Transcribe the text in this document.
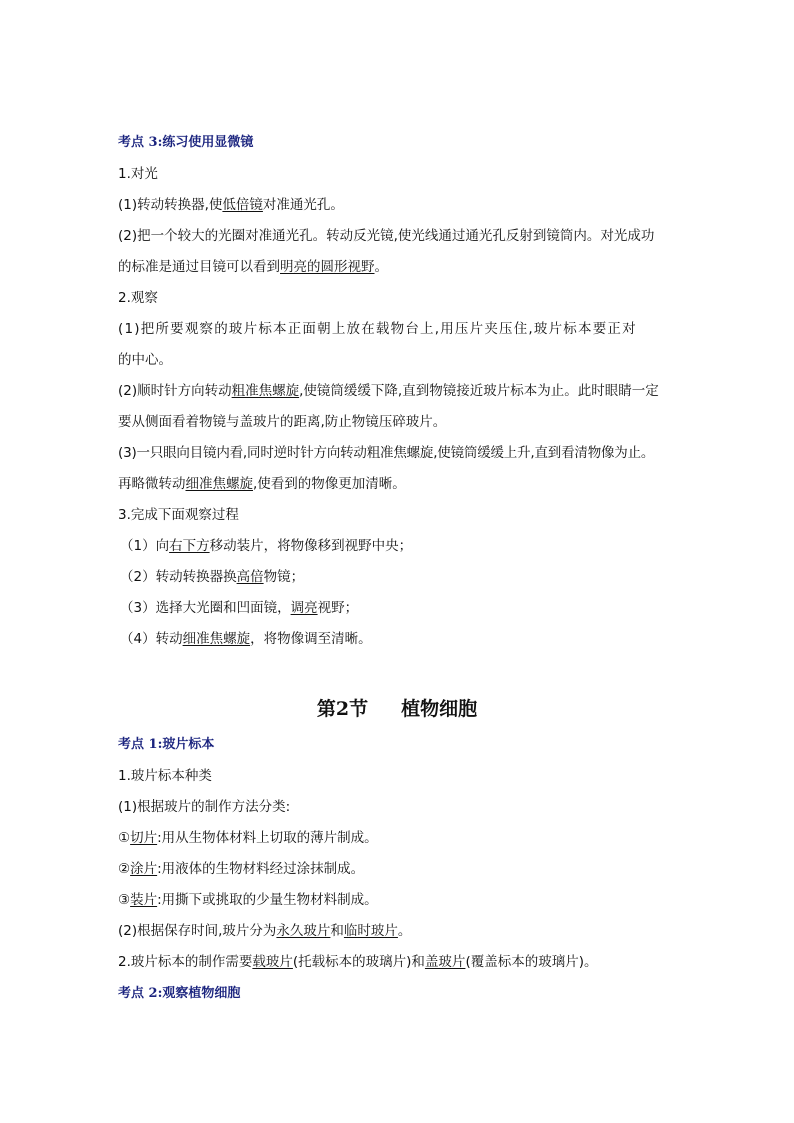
考点 3:练习使用显微镜
1.对光
(1)转动转换器,使低倍镜对准通光孔。
(2)把一个较大的光圈对准通光孔。转动反光镜,使光线通过通光孔反射到镜筒内。对光成功
的标准是通过目镜可以看到明亮的圆形视野。
2.观察
(1)把所要观察的玻片标本正面朝上放在载物台上,用压片夹压住,玻片标本要正对
的中心。
(2)顺时针方向转动粗准焦螺旋,使镜筒缓缓下降,直到物镜接近玻片标本为止。此时眼睛一定
要从侧面看着物镜与盖玻片的距离,防止物镜压碎玻片。
(3)一只眼向目镜内看,同时逆时针方向转动粗准焦螺旋,使镜筒缓缓上升,直到看清物像为止。
再略微转动细准焦螺旋,使看到的物像更加清晰。
3.完成下面观察过程
（1）向右下方移动装片，将物像移到视野中央；
（2）转动转换器换高倍物镜；
（3）选择大光圈和凹面镜，调亮视野；
（4）转动细准焦螺旋，将物像调至清晰。
第2节     植物细胞
考点 1:玻片标本
1.玻片标本种类
(1)根据玻片的制作方法分类:
①切片:用从生物体材料上切取的薄片制成。
②涂片:用液体的生物材料经过涂抹制成。
③装片:用撕下或挑取的少量生物材料制成。
(2)根据保存时间,玻片分为永久玻片和临时玻片。
2.玻片标本的制作需要载玻片(托载标本的玻璃片)和盖玻片(覆盖标本的玻璃片)。
考点 2:观察植物细胞
